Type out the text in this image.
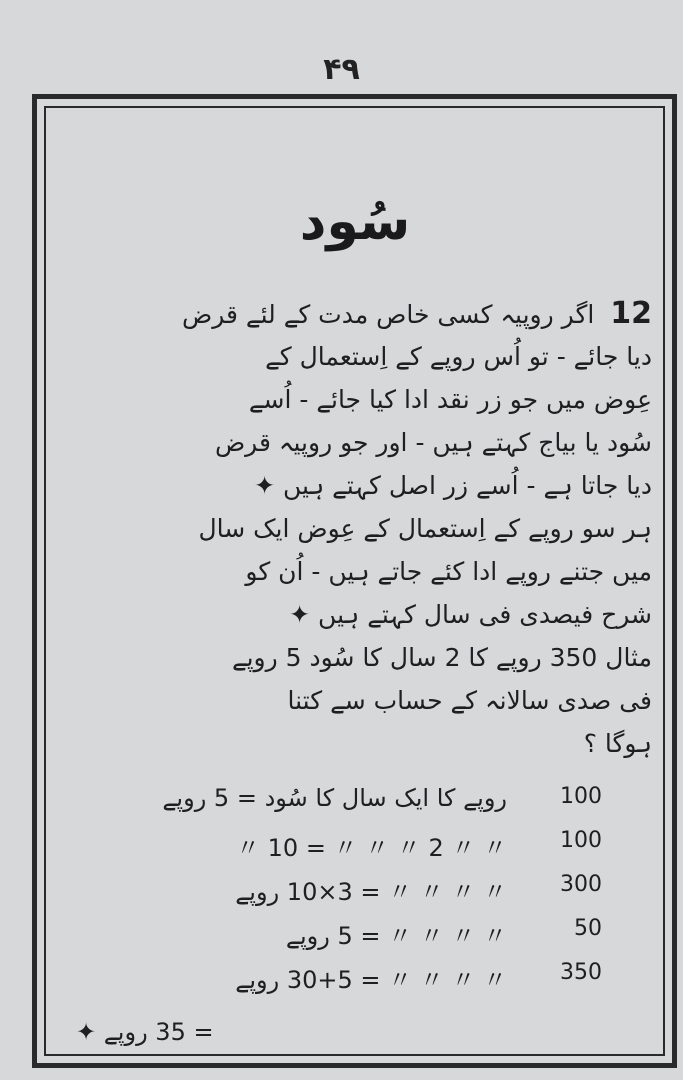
۴۹
سُود
12 اگر روپیہ کسی خاص مدت کے لئے قرض
دیا جائے - تو اُس روپے کے اِستعمال کے
عِوض میں جو زر نقد ادا کیا جائے - اُسے
سُود یا بیاج کہتے ہیں - اور جو روپیہ قرض
دیا جاتا ہے - اُسے زر اصل کہتے ہیں ✦
ہر سو روپے کے اِستعمال کے عِوض ایک سال
میں جتنے روپے ادا کئے جاتے ہیں - اُن کو
شرح فیصدی فی سال کہتے ہیں ✦
مثال 350 روپے کا 2 سال کا سُود 5 روپے
فی صدی سالانہ کے حساب سے کتنا
ہوگا ؟
100
روپے کا ایک سال کا سُود = 5 روپے
100
〃 〃 2 〃 〃 〃 = 10 〃
300
〃 〃 〃 〃 = 3×10 روپے
50
〃 〃 〃 〃 = 5 روپے
350
〃 〃 〃 〃 = 30+5 روپے
= 35 روپے ✦
